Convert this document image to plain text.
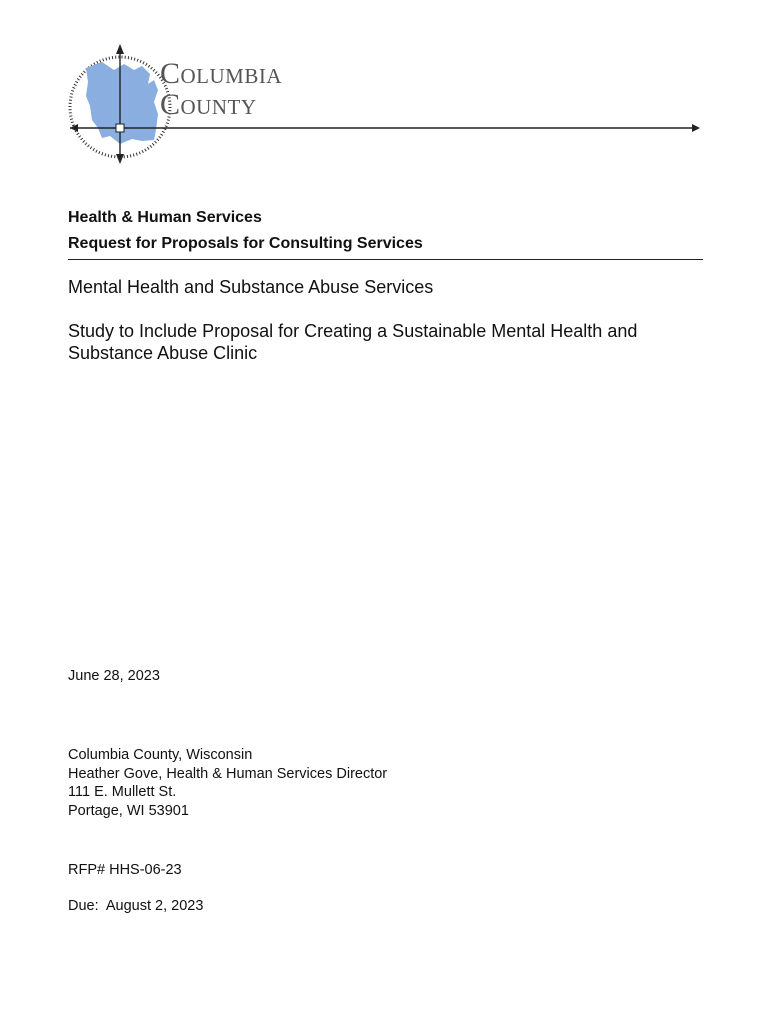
Columbia
County
Health & Human Services
Request for Proposals for Consulting Services
Mental Health and Substance Abuse Services
Study to Include Proposal for Creating a Sustainable Mental Health and Substance Abuse Clinic
June 28, 2023
Columbia County, Wisconsin
Heather Gove, Health & Human Services Director
111 E. Mullett St.
Portage, WI 53901
RFP# HHS-06-23
Due:  August 2, 2023
